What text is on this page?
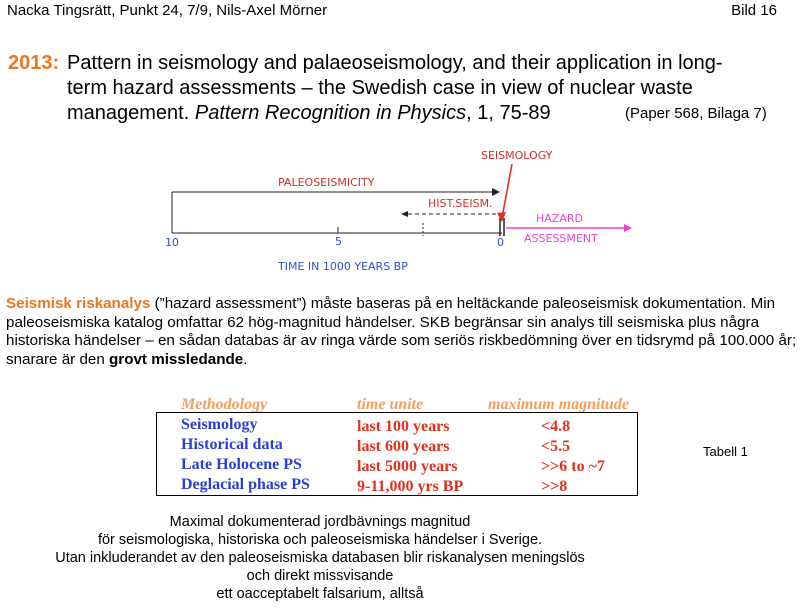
Nacka Tingsrätt, Punkt 24, 7/9, Nils-Axel Mörner	Bild 16
2013: Pattern in seismology and palaeoseismology, and their application in long-
term hazard assessments – the Swedish case in view of nuclear waste
management. Pattern Recognition in Physics, 1, 75-89	(Paper 568, Bilaga 7)
PALEOSEISMICITY
HIST.SEISM.
SEISMOLOGY
HAZARD
ASSESSMENT
10	5	0
TIME IN 1000 YEARS BP
Seismisk riskanalys (”hazard assessment”) måste baseras på en heltäckande paleoseismisk dokumentation. Min paleoseismiska katalog omfattar 62 hög-magnitud händelser. SKB begränsar sin analys till seismiska plus några historiska händelser – en sådan databas är av ringa värde som seriös riskbedömning över en tidsrymd på 100.000 år; snarare är den grovt missledande.
Methodology	time unite	maximum magnitude
Seismology	last 100 years	<4.8
Historical data	last 600 years	<5.5
Late Holocene PS	last 5000 years	>>6 to ~7
Deglacial phase PS	9-11,000 yrs BP	>>8
Tabell 1
Maximal dokumenterad jordbävnings magnitud
för seismologiska, historiska och paleoseismiska händelser i Sverige.
Utan inkluderandet av den paleoseismiska databasen blir riskanalysen meningslös
och direkt missvisande
ett oacceptabelt falsarium, alltså
